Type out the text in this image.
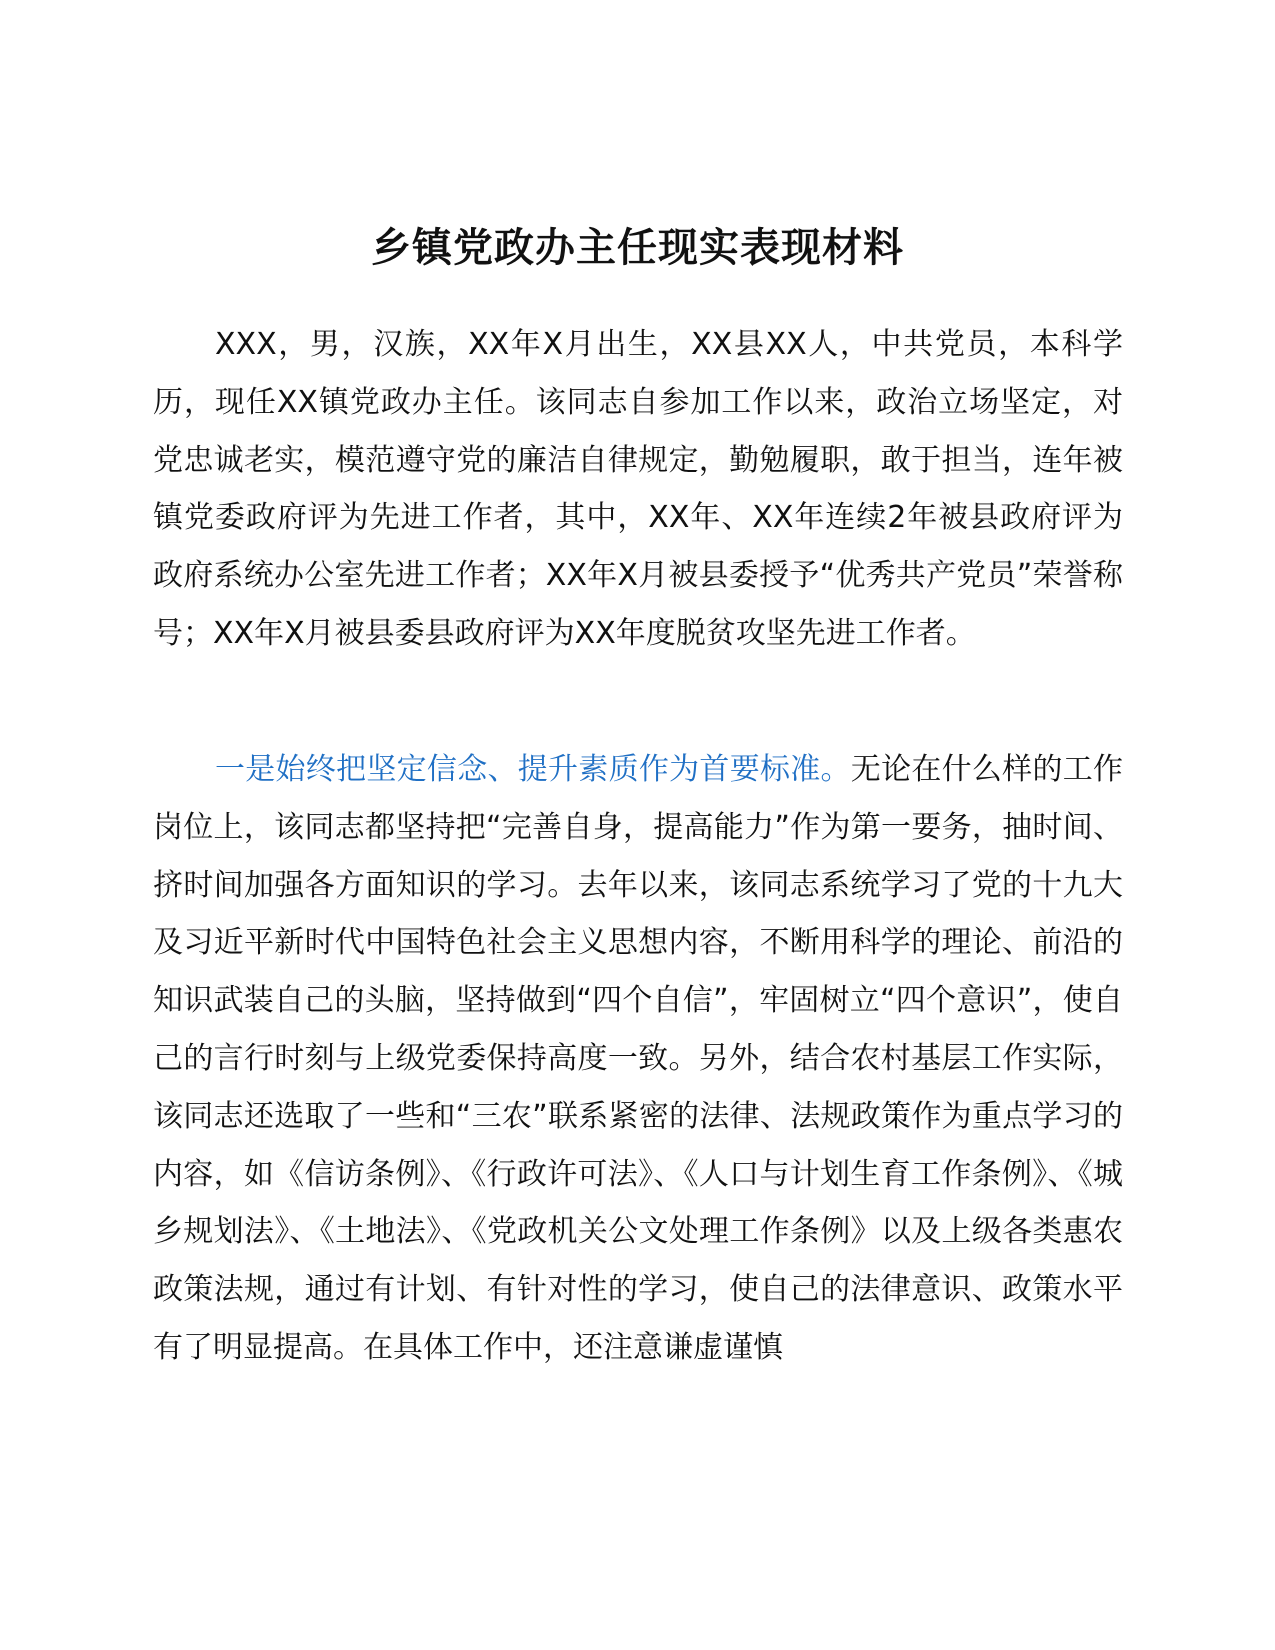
乡镇党政办主任现实表现材料

XXX，男，汉族，XX年X月出生，XX县XX人，中共党员，本科学历，现任XX镇党政办主任。该同志自参加工作以来，政治立场坚定，对党忠诚老实，模范遵守党的廉洁自律规定，勤勉履职，敢于担当，连年被镇党委政府评为先进工作者，其中，XX年、XX年连续2年被县政府评为政府系统办公室先进工作者；XX年X月被县委授予“优秀共产党员”荣誉称号；XX年X月被县委县政府评为XX年度脱贫攻坚先进工作者。

一是始终把坚定信念、提升素质作为首要标准。无论在什么样的工作岗位上，该同志都坚持把“完善自身，提高能力”作为第一要务，抽时间、挤时间加强各方面知识的学习。去年以来，该同志系统学习了党的十九大及习近平新时代中国特色社会主义思想内容，不断用科学的理论、前沿的知识武装自己的头脑，坚持做到“四个自信”，牢固树立“四个意识”，使自己的言行时刻与上级党委保持高度一致。另外，结合农村基层工作实际，该同志还选取了一些和“三农”联系紧密的法律、法规政策作为重点学习的内容，如《信访条例》、《行政许可法》、《人口与计划生育工作条例》、《城乡规划法》、《土地法》、《党政机关公文处理工作条例》以及上级各类惠农政策法规，通过有计划、有针对性的学习，使自己的法律意识、政策水平有了明显提高。在具体工作中，还注意谦虚谨慎
